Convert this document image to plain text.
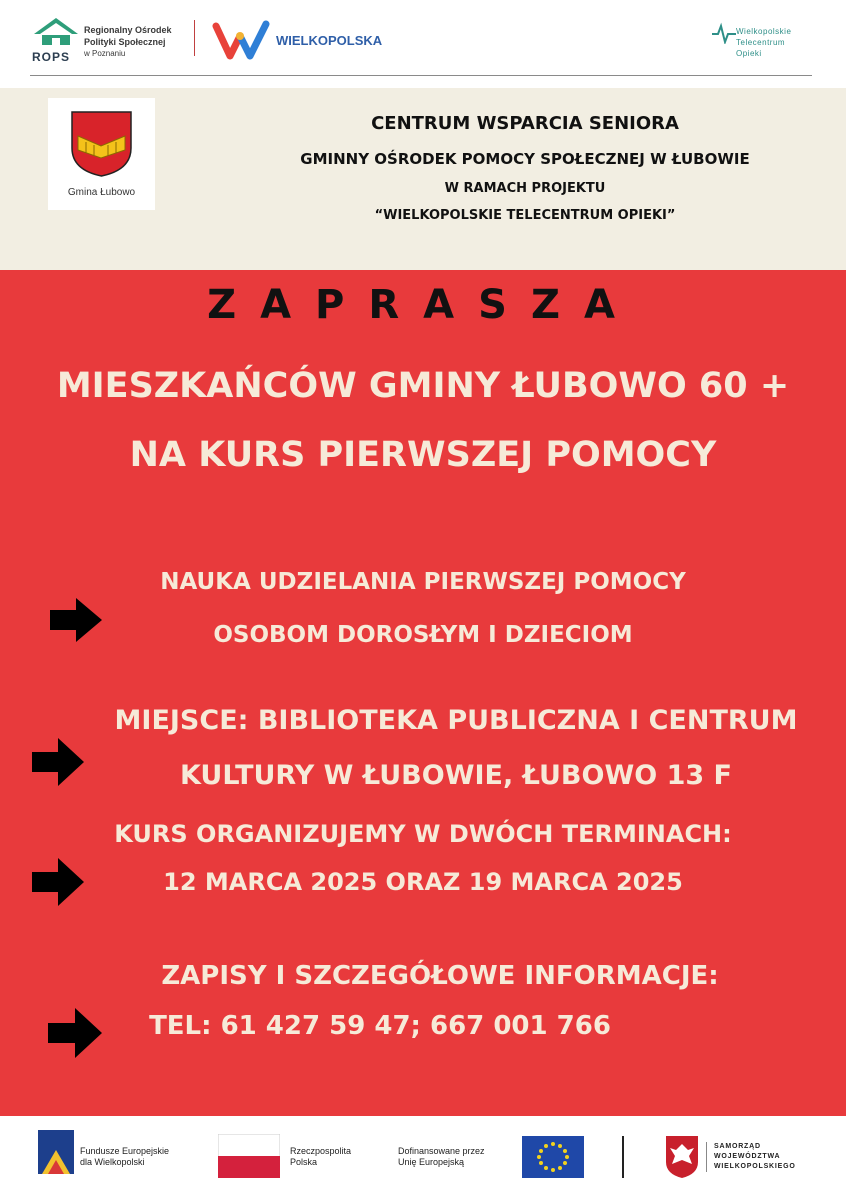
ROPS
Regionalny Ośrodek
Polityki Społecznej
w Poznaniu
WIELKOPOLSKA
Wielkopolskie
Telecentrum
Opieki
Gmina Łubowo
CENTRUM WSPARCIA SENIORA
GMINNY OŚRODEK POMOCY SPOŁECZNEJ W ŁUBOWIE
W RAMACH PROJEKTU
“WIELKOPOLSKIE TELECENTRUM OPIEKI”
ZAPRASZA
MIESZKAŃCÓW GMINY ŁUBOWO 60 +
NA KURS PIERWSZEJ POMOCY
NAUKA UDZIELANIA PIERWSZEJ POMOCY
OSOBOM DOROSŁYM I DZIECIOM
MIEJSCE: BIBLIOTEKA PUBLICZNA I CENTRUM
KULTURY W ŁUBOWIE, ŁUBOWO 13 F
KURS ORGANIZUJEMY W DWÓCH TERMINACH:
12 MARCA 2025 ORAZ 19 MARCA 2025
ZAPISY I SZCZEGÓŁOWE INFORMACJE:
TEL: 61 427 59 47; 667 001 766
Fundusze Europejskie
dla Wielkopolski
Rzeczpospolita
Polska
Dofinansowane przez
Unię Europejską
SAMORZĄD
WOJEWÓDZTWA
WIELKOPOLSKIEGO
